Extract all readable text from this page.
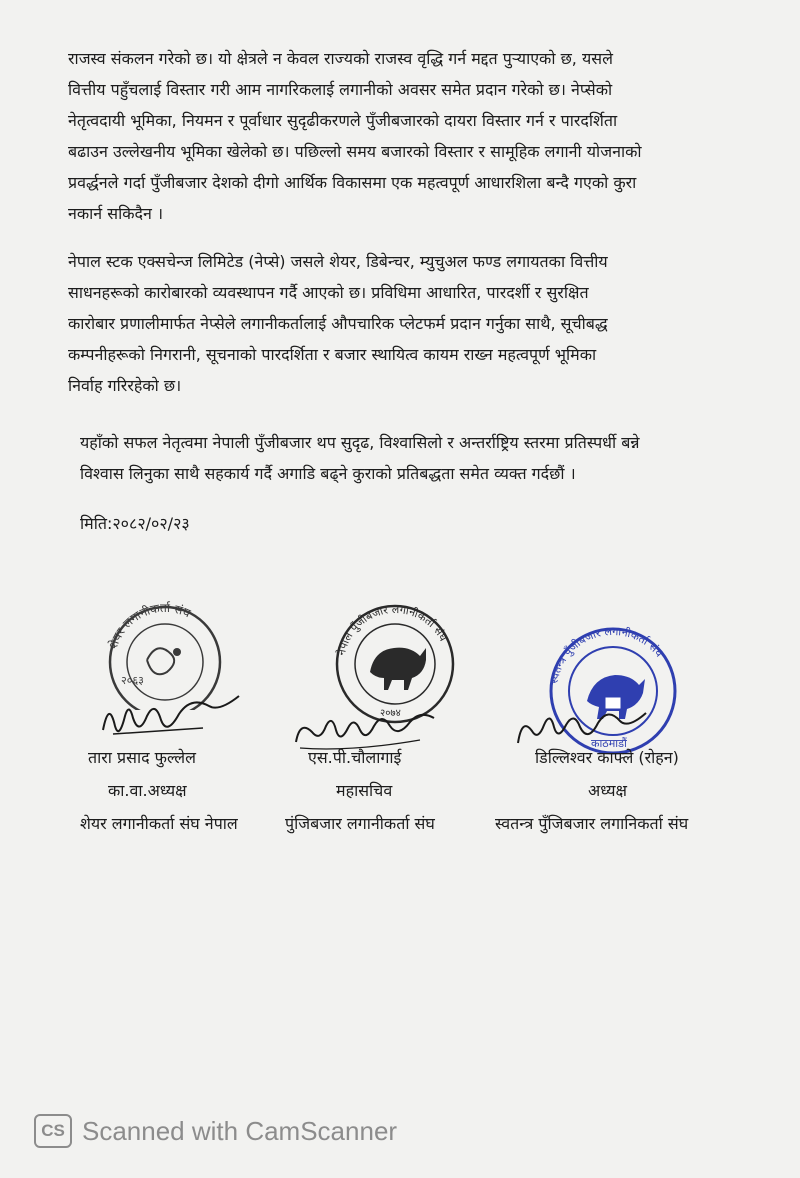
राजस्व संकलन गरेको छ। यो क्षेत्रले न केवल राज्यको राजस्व वृद्धि गर्न मद्दत पुर्‍याएको छ, यसले
वित्तीय पहुँचलाई विस्तार गरी आम नागरिकलाई लगानीको अवसर समेत प्रदान गरेको छ। नेप्सेको
नेतृत्वदायी भूमिका, नियमन र पूर्वाधार सुदृढीकरणले पुँजीबजारको दायरा विस्तार गर्न र पारदर्शिता
बढाउन उल्लेखनीय भूमिका खेलेको छ। पछिल्लो समय बजारको विस्तार र सामूहिक लगानी योजनाको
प्रवर्द्धनले गर्दा पुँजीबजार देशको दीगो आर्थिक विकासमा एक महत्वपूर्ण आधारशिला बन्दै गएको कुरा
नकार्न सकिदैन ।

नेपाल स्टक एक्सचेन्ज लिमिटेड (नेप्से) जसले शेयर, डिबेन्चर, म्युचुअल फण्ड लगायतका वित्तीय
साधनहरूको कारोबारको व्यवस्थापन गर्दै आएको छ। प्रविधिमा आधारित, पारदर्शी र सुरक्षित
कारोबार प्रणालीमार्फत नेप्सेले लगानीकर्तालाई औपचारिक प्लेटफर्म प्रदान गर्नुका साथै, सूचीबद्ध
कम्पनीहरूको निगरानी, सूचनाको पारदर्शिता र बजार स्थायित्व कायम राख्न महत्वपूर्ण भूमिका
निर्वाह गरिरहेको छ।

यहाँको सफल नेतृत्वमा नेपाली पुँजीबजार थप सुदृढ, विश्वासिलो र अन्तर्राष्ट्रिय स्तरमा प्रतिस्पर्धी बन्ने
विश्वास लिनुका साथै सहकार्य गर्दै अगाडि बढ्ने कुराको प्रतिबद्धता समेत व्यक्त गर्दछौं ।

मिति:२०८२/०२/२३
शेयर लगानीकर्ता संघ
२०६३
नेपाल पुँजीबजार लगानीकर्ता संघ
२०७४
स्वतन्त्र पुँजीबजार लगानीकर्ता संघ
काठमाडौं
तारा प्रसाद फुल्लेल	एस.पी.चौलागाई	डिल्लिश्वर काफ्ले (रोहन)
का.वा.अध्यक्ष	महासचिव	अध्यक्ष
शेयर लगानीकर्ता संघ नेपाल	पुंजिबजार लगानीकर्ता संघ	स्वतन्त्र पुँजिबजार लगानिकर्ता संघ
CS Scanned with CamScanner
